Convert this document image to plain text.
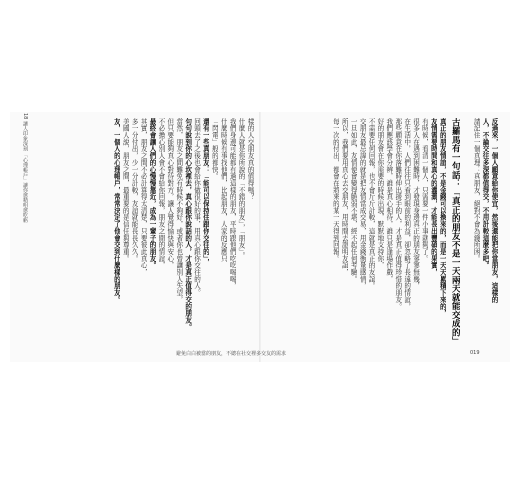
反過來，一個人願意給你便宜，然後還能把你當朋友，這樣的
人，不論交往多深都值得交，不用計較這麼多吧。
請記住一個真理：真朋友，絕對不會為錢所困。
古羅馬有一句話：「真正的朋友不是一天兩天就能交成的」
真正的朋友情誼，不是金錢可以換來的，而是一天天累積下來的，
友情需要時間和真心的灌溉，才能長出豐碩的果實，
有時候，看清一個人，只需要一件小事就夠了。
很多人在遇到困難時，才發現身邊真正的朋友寥寥無幾，
在生活中，人們往往只看到眼前的利益，卻忽略了長遠的情誼，
那些願意在你落難時伸出援手的人，才是真正值得珍惜的朋友。
我們應該學會分辨，誰是真心相待，誰只是逢場作戲，
好的朋友會在你需要的時候出現，默默地支持你，
不需要任何回報，也不會斤斤計較，這就是真正的友誼。
交朋友最忌諱的就是把友情當成交易，用金錢衡量感情，
一旦如此，友情便會變得脆弱不堪，經不起任何考驗。
所以，我們要用真心去交朋友，用時間去證明友誼，
每一次的付出，都會在將來的某一天得到回報。
樣的人交朋友真的值得嗎？
什麼人就是你所說的「不錯的朋友」，「朋友」。
我們身邊可能都有過這樣的朋友，平時跟他們吃吃喝喝，
什麼時候有事找他們，比起朋友，人家的反應只
「閃電」般的都快。
還有一些真朋友：「能可以保持住跟你交往的」，
回頭去了之後也會給你做很好的事，用真心跟你交往的人。
句句說到你的心坎裡去，真心跟你說話的人，才是真正值得交的朋友。
當然，朋友之間難免有時候不夠好，或者你也曾讓別人失望，
但只要能夠真心對待對方，讓人覺得愉快與安心，
不必擔心別人會不會給你回報，朋友之間的情誼，
最終會讓人們的心慢慢靠近，成為一輩子的朋友。
其實，朋友之間不必計算得太清楚，只要彼此真心，
多一分付出，少一分計較，友誼就能長長久久。
美國人說，朋友之間，最重要的是信任與尊重。
友，一個人的心理帳戶，常常決定了他會交到什麼樣的朋友。
18 讓人印象深刻 「心理帳戶」讓你愈精明愈吃虧
避免白白被當的朋友，不總在社交裡多交友的需求	019
